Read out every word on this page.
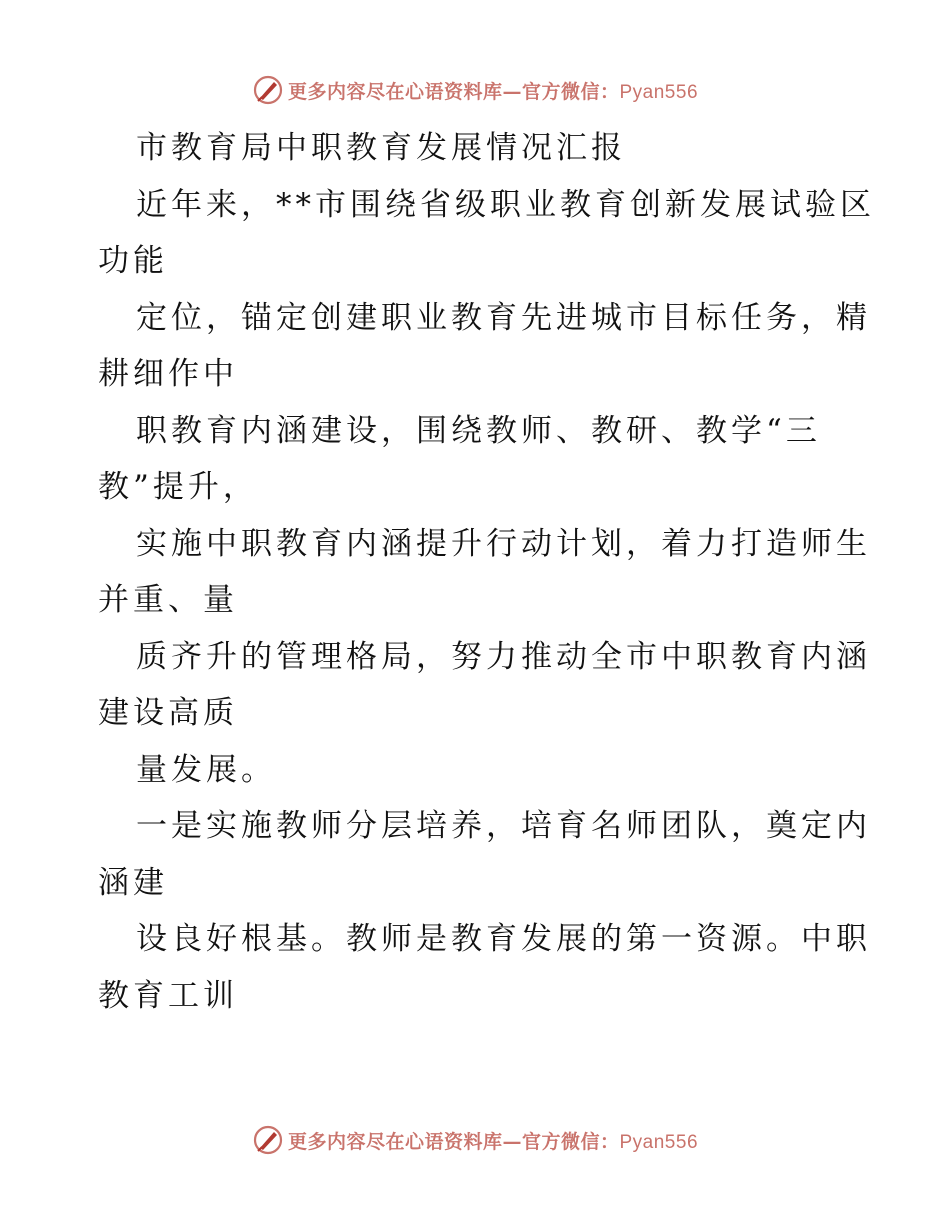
更多内容尽在心语资料库—官方微信：Pyan556
市教育局中职教育发展情况汇报
近年来，**市围绕省级职业教育创新发展试验区
功能
定位，锚定创建职业教育先进城市目标任务，精
耕细作中
职教育内涵建设，围绕教师、教研、教学“三
教”提升，
实施中职教育内涵提升行动计划，着力打造师生
并重、量
质齐升的管理格局，努力推动全市中职教育内涵
建设高质
量发展。
一是实施教师分层培养，培育名师团队，奠定内
涵建
设良好根基。教师是教育发展的第一资源。中职
教育工训
更多内容尽在心语资料库—官方微信：Pyan556
